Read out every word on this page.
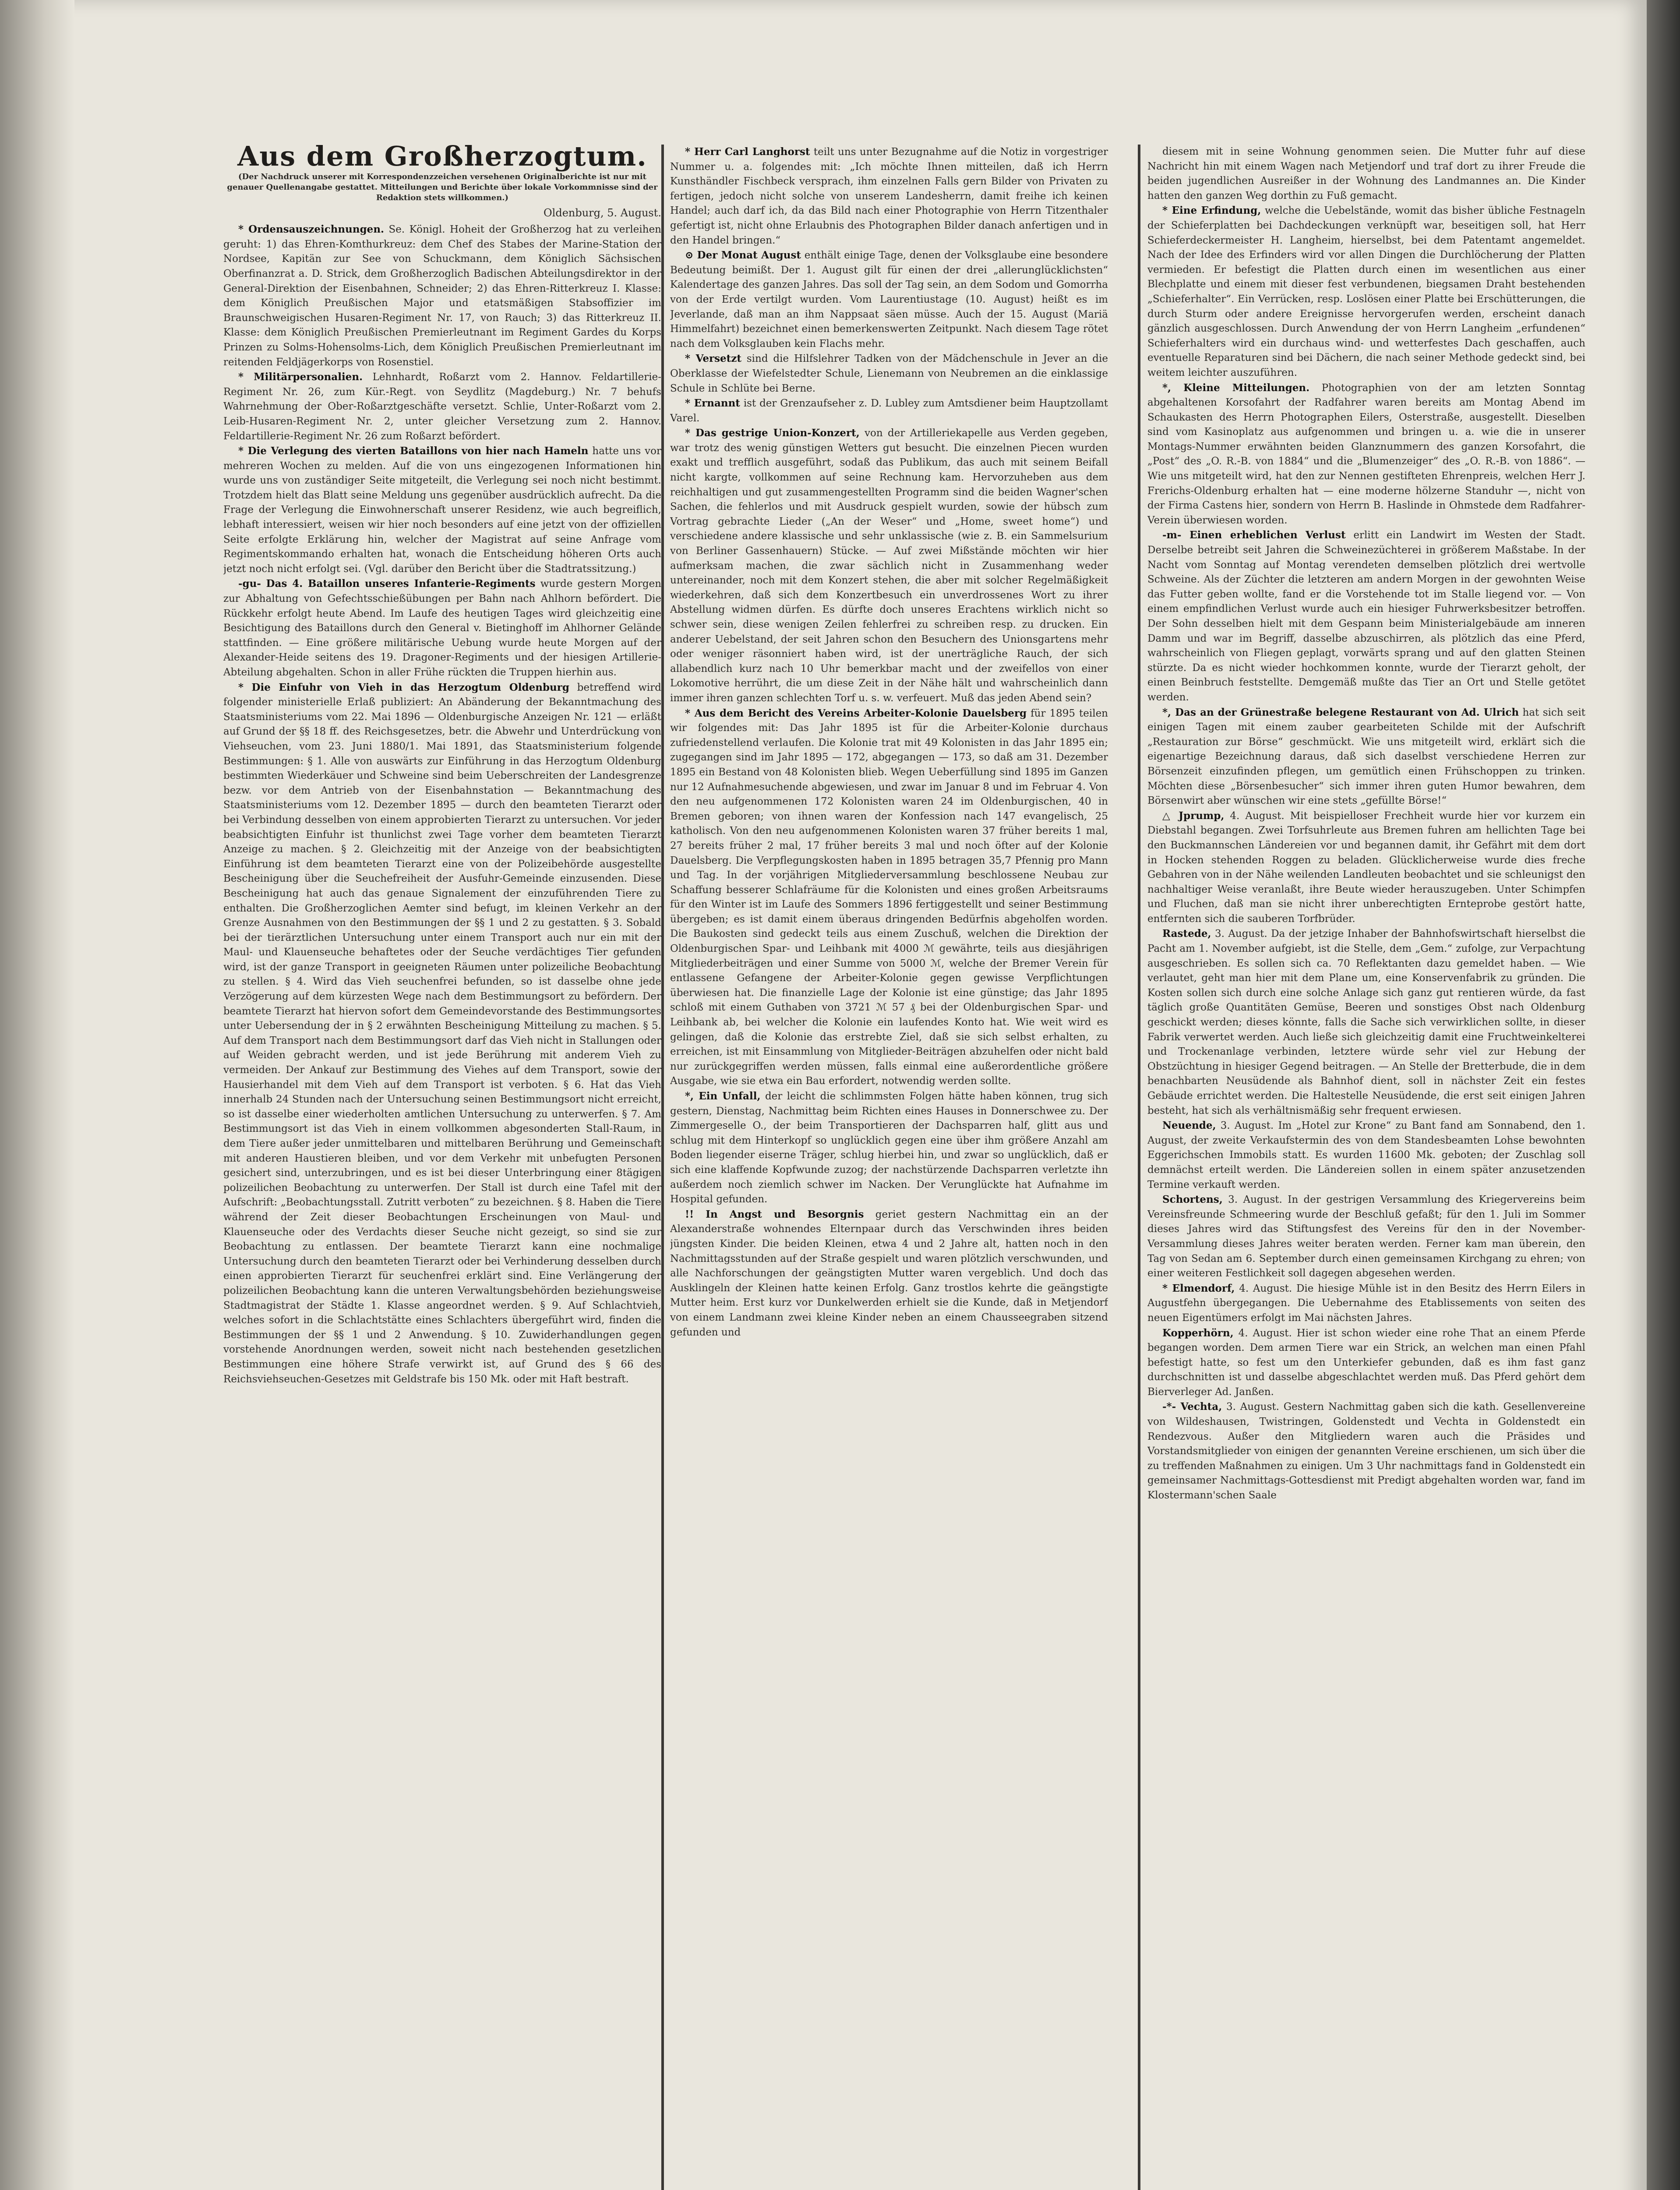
Aus dem Großherzogtum.
(Der Nachdruck unserer mit Korrespondenzzeichen versehenen Originalberichte ist nur mit genauer Quellenangabe gestattet. Mitteilungen und Berichte über lokale Vorkommnisse sind der Redaktion stets willkommen.)
Oldenburg, 5. August.

* Ordensauszeichnungen. Se. Königl. Hoheit der Großherzog hat zu verleihen geruht: 1) das Ehren-Komthurkreuz: dem Chef des Stabes der Marine-Station der Nordsee, Kapitän zur See von Schuckmann, dem Königlich Sächsischen Oberfinanzrat a. D. Strick, dem Großherzoglich Badischen Abteilungsdirektor in der General-Direktion der Eisenbahnen, Schneider; 2) das Ehren-Ritterkreuz I. Klasse: dem Königlich Preußischen Major und etatsmäßigen Stabsoffizier im Braunschweigischen Husaren-Regiment Nr. 17, von Rauch; 3) das Ritterkreuz II. Klasse: dem Königlich Preußischen Premierleutnant im Regiment Gardes du Korps Prinzen zu Solms-Hohensolms-Lich, dem Königlich Preußischen Premierleutnant im reitenden Feldjägerkorps von Rosenstiel.

* Militärpersonalien. Lehnhardt, Roßarzt vom 2. Hannov. Feldartillerie-Regiment Nr. 26, zum Kür.-Regt. von Seydlitz (Magdeburg.) Nr. 7 behufs Wahrnehmung der Ober-Roßarztgeschäfte versetzt. Schlie, Unter-Roßarzt vom 2. Leib-Husaren-Regiment Nr. 2, unter gleicher Versetzung zum 2. Hannov. Feldartillerie-Regiment Nr. 26 zum Roßarzt befördert.

* Die Verlegung des vierten Bataillons von hier nach Hameln hatte uns vor mehreren Wochen zu melden. Auf die von uns eingezogenen Informationen hin wurde uns von zuständiger Seite mitgeteilt, die Verlegung sei noch nicht bestimmt. Trotzdem hielt das Blatt seine Meldung uns gegenüber ausdrücklich aufrecht. Da die Frage der Verlegung die Einwohnerschaft unserer Residenz, wie auch begreiflich, lebhaft interessiert, weisen wir hier noch besonders auf eine jetzt von der offiziellen Seite erfolgte Erklärung hin, welcher der Magistrat auf seine Anfrage vom Regimentskommando erhalten hat, wonach die Entscheidung höheren Orts auch jetzt noch nicht erfolgt sei. (Vgl. darüber den Bericht über die Stadtratssitzung.)

-gu- Das 4. Bataillon unseres Infanterie-Regiments wurde gestern Morgen zur Abhaltung von Gefechtsschießübungen per Bahn nach Ahlhorn befördert. Die Rückkehr erfolgt heute Abend. Im Laufe des heutigen Tages wird gleichzeitig eine Besichtigung des Bataillons durch den General v. Bietinghoff im Ahlhorner Gelände stattfinden. — Eine größere militärische Uebung wurde heute Morgen auf der Alexander-Heide seitens des 19. Dragoner-Regiments und der hiesigen Artillerie-Abteilung abgehalten. Schon in aller Frühe rückten die Truppen hierhin aus.

* Die Einfuhr von Vieh in das Herzogtum Oldenburg betreffend wird folgender ministerielle Erlaß publiziert: An Abänderung der Bekanntmachung des Staatsministeriums vom 22. Mai 1896 — Oldenburgische Anzeigen Nr. 121 — erläßt auf Grund der §§ 18 ff. des Reichsgesetzes, betr. die Abwehr und Unterdrückung von Viehseuchen, vom 23. Juni 1880/1. Mai 1891, das Staatsministerium folgende Bestimmungen: § 1. Alle von auswärts zur Einführung in das Herzogtum Oldenburg bestimmten Wiederkäuer und Schweine sind beim Ueberschreiten der Landesgrenze bezw. vor dem Antrieb von der Eisenbahnstation — Bekanntmachung des Staatsministeriums vom 12. Dezember 1895 — durch den beamteten Tierarzt oder bei Verbindung desselben von einem approbierten Tierarzt zu untersuchen. Vor jeder beabsichtigten Einfuhr ist thunlichst zwei Tage vorher dem beamteten Tierarzt Anzeige zu machen. § 2. Gleichzeitig mit der Anzeige von der beabsichtigten Einführung ist dem beamteten Tierarzt eine von der Polizeibehörde ausgestellte Bescheinigung über die Seuchefreiheit der Ausfuhr-Gemeinde einzusenden. Diese Bescheinigung hat auch das genaue Signalement der einzuführenden Tiere zu enthalten. Die Großherzoglichen Aemter sind befugt, im kleinen Verkehr an der Grenze Ausnahmen von den Bestimmungen der §§ 1 und 2 zu gestatten. § 3. Sobald bei der tierärztlichen Untersuchung unter einem Transport auch nur ein mit der Maul- und Klauenseuche behaftetes oder der Seuche verdächtiges Tier gefunden wird, ist der ganze Transport in geeigneten Räumen unter polizeiliche Beobachtung zu stellen. § 4. Wird das Vieh seuchenfrei befunden, so ist dasselbe ohne jede Verzögerung auf dem kürzesten Wege nach dem Bestimmungsort zu befördern. Der beamtete Tierarzt hat hiervon sofort dem Gemeindevorstande des Bestimmungsortes unter Uebersendung der in § 2 erwähnten Bescheinigung Mitteilung zu machen. § 5. Auf dem Transport nach dem Bestimmungsort darf das Vieh nicht in Stallungen oder auf Weiden gebracht werden, und ist jede Berührung mit anderem Vieh zu vermeiden. Der Ankauf zur Bestimmung des Viehes auf dem Transport, sowie der Hausierhandel mit dem Vieh auf dem Transport ist verboten. § 6. Hat das Vieh innerhalb 24 Stunden nach der Untersuchung seinen Bestimmungsort nicht erreicht, so ist dasselbe einer wiederholten amtlichen Untersuchung zu unterwerfen. § 7. Am Bestimmungsort ist das Vieh in einem vollkommen abgesonderten Stall-Raum, in dem Tiere außer jeder unmittelbaren und mittelbaren Berührung und Gemeinschaft mit anderen Haustieren bleiben, und vor dem Verkehr mit unbefugten Personen gesichert sind, unterzubringen, und es ist bei dieser Unterbringung einer 8tägigen polizeilichen Beobachtung zu unterwerfen. Der Stall ist durch eine Tafel mit der Aufschrift: „Beobachtungsstall. Zutritt verboten“ zu bezeichnen. § 8. Haben die Tiere während der Zeit dieser Beobachtungen Erscheinungen von Maul- und Klauenseuche oder des Verdachts dieser Seuche nicht gezeigt, so sind sie zur Beobachtung zu entlassen. Der beamtete Tierarzt kann eine nochmalige Untersuchung durch den beamteten Tierarzt oder bei Verhinderung desselben durch einen approbierten Tierarzt für seuchenfrei erklärt sind. Eine Verlängerung der polizeilichen Beobachtung kann die unteren Verwaltungsbehörden beziehungsweise Stadtmagistrat der Städte 1. Klasse angeordnet werden. § 9. Auf Schlachtvieh, welches sofort in die Schlachtstätte eines Schlachters übergeführt wird, finden die Bestimmungen der §§ 1 und 2 Anwendung. § 10. Zuwiderhandlungen gegen vorstehende Anordnungen werden, soweit nicht nach bestehenden gesetzlichen Bestimmungen eine höhere Strafe verwirkt ist, auf Grund des § 66 des Reichsviehseuchen-Gesetzes mit Geldstrafe bis 150 Mk. oder mit Haft bestraft.

* Herr Carl Langhorst teilt uns unter Bezugnahme auf die Notiz in vorgestriger Nummer u. a. folgendes mit: „Ich möchte Ihnen mitteilen, daß ich Herrn Kunsthändler Fischbeck versprach, ihm einzelnen Falls gern Bilder von Privaten zu fertigen, jedoch nicht solche von unserem Landesherrn, damit freihe ich keinen Handel; auch darf ich, da das Bild nach einer Photographie von Herrn Titzenthaler gefertigt ist, nicht ohne Erlaubnis des Photographen Bilder danach anfertigen und in den Handel bringen.“

⊙ Der Monat August enthält einige Tage, denen der Volksglaube eine besondere Bedeutung beimißt. Der 1. August gilt für einen der drei „allerunglücklichsten“ Kalendertage des ganzen Jahres. Das soll der Tag sein, an dem Sodom und Gomorrha von der Erde vertilgt wurden. Vom Laurentiustage (10. August) heißt es im Jeverlande, daß man an ihm Nappsaat säen müsse. Auch der 15. August (Mariä Himmelfahrt) bezeichnet einen bemerkenswerten Zeitpunkt. Nach diesem Tage rötet nach dem Volksglauben kein Flachs mehr.

* Versetzt sind die Hilfslehrer Tadken von der Mädchenschule in Jever an die Oberklasse der Wiefelstedter Schule, Lienemann von Neubremen an die einklassige Schule in Schlüte bei Berne.

* Ernannt ist der Grenzaufseher z. D. Lubley zum Amtsdiener beim Hauptzollamt Varel.

* Das gestrige Union-Konzert, von der Artilleriekapelle aus Verden gegeben, war trotz des wenig günstigen Wetters gut besucht. Die einzelnen Piecen wurden exakt und trefflich ausgeführt, sodaß das Publikum, das auch mit seinem Beifall nicht kargte, vollkommen auf seine Rechnung kam. Hervorzuheben aus dem reichhaltigen und gut zusammengestellten Programm sind die beiden Wagner'schen Sachen, die fehlerlos und mit Ausdruck gespielt wurden, sowie der hübsch zum Vortrag gebrachte Lieder („An der Weser“ und „Home, sweet home“) und verschiedene andere klassische und sehr unklassische (wie z. B. ein Sammelsurium von Berliner Gassenhauern) Stücke. — Auf zwei Mißstände möchten wir hier aufmerksam machen, die zwar sächlich nicht in Zusammenhang weder untereinander, noch mit dem Konzert stehen, die aber mit solcher Regelmäßigkeit wiederkehren, daß sich dem Konzertbesuch ein unverdrossenes Wort zu ihrer Abstellung widmen dürfen. Es dürfte doch unseres Erachtens wirklich nicht so schwer sein, diese wenigen Zeilen fehlerfrei zu schreiben resp. zu drucken. Ein anderer Uebelstand, der seit Jahren schon den Besuchern des Unionsgartens mehr oder weniger räsonniert haben wird, ist der unerträgliche Rauch, der sich allabendlich kurz nach 10 Uhr bemerkbar macht und der zweifellos von einer Lokomotive herrührt, die um diese Zeit in der Nähe hält und wahrscheinlich dann immer ihren ganzen schlechten Torf u. s. w. verfeuert. Muß das jeden Abend sein?

* Aus dem Bericht des Vereins Arbeiter-Kolonie Dauelsberg für 1895 teilen wir folgendes mit: Das Jahr 1895 ist für die Arbeiter-Kolonie durchaus zufriedenstellend verlaufen. Die Kolonie trat mit 49 Kolonisten in das Jahr 1895 ein; zugegangen sind im Jahr 1895 — 172, abgegangen — 173, so daß am 31. Dezember 1895 ein Bestand von 48 Kolonisten blieb. Wegen Ueberfüllung sind 1895 im Ganzen nur 12 Aufnahmesuchende abgewiesen, und zwar im Januar 8 und im Februar 4. Von den neu aufgenommenen 172 Kolonisten waren 24 im Oldenburgischen, 40 in Bremen geboren; von ihnen waren der Konfession nach 147 evangelisch, 25 katholisch. Von den neu aufgenommenen Kolonisten waren 37 früher bereits 1 mal, 27 bereits früher 2 mal, 17 früher bereits 3 mal und noch öfter auf der Kolonie Dauelsberg. Die Verpflegungskosten haben in 1895 betragen 35,7 Pfennig pro Mann und Tag. In der vorjährigen Mitgliederversammlung beschlossene Neubau zur Schaffung besserer Schlafräume für die Kolonisten und eines großen Arbeitsraums für den Winter ist im Laufe des Sommers 1896 fertiggestellt und seiner Bestimmung übergeben; es ist damit einem überaus dringenden Bedürfnis abgeholfen worden. Die Baukosten sind gedeckt teils aus einem Zuschuß, welchen die Direktion der Oldenburgischen Spar- und Leihbank mit 4000 ℳ gewährte, teils aus diesjährigen Mitgliederbeiträgen und einer Summe von 5000 ℳ, welche der Bremer Verein für entlassene Gefangene der Arbeiter-Kolonie gegen gewisse Verpflichtungen überwiesen hat. Die finanzielle Lage der Kolonie ist eine günstige; das Jahr 1895 schloß mit einem Guthaben von 3721 ℳ 57 ₰ bei der Oldenburgischen Spar- und Leihbank ab, bei welcher die Kolonie ein laufendes Konto hat. Wie weit wird es gelingen, daß die Kolonie das erstrebte Ziel, daß sie sich selbst erhalten, zu erreichen, ist mit Einsammlung von Mitglieder-Beiträgen abzuhelfen oder nicht bald nur zurückgegriffen werden müssen, falls einmal eine außerordentliche größere Ausgabe, wie sie etwa ein Bau erfordert, notwendig werden sollte.

*, Ein Unfall, der leicht die schlimmsten Folgen hätte haben können, trug sich gestern, Dienstag, Nachmittag beim Richten eines Hauses in Donnerschwee zu. Der Zimmergeselle O., der beim Transportieren der Dachsparren half, glitt aus und schlug mit dem Hinterkopf so unglücklich gegen eine über ihm größere Anzahl am Boden liegender eiserne Träger, schlug hierbei hin, und zwar so unglücklich, daß er sich eine klaffende Kopfwunde zuzog; der nachstürzende Dachsparren verletzte ihn außerdem noch ziemlich schwer im Nacken. Der Verunglückte hat Aufnahme im Hospital gefunden.

!! In Angst und Besorgnis geriet gestern Nachmittag ein an der Alexanderstraße wohnendes Elternpaar durch das Verschwinden ihres beiden jüngsten Kinder. Die beiden Kleinen, etwa 4 und 2 Jahre alt, hatten noch in den Nachmittagsstunden auf der Straße gespielt und waren plötzlich verschwunden, und alle Nachforschungen der geängstigten Mutter waren vergeblich. Und doch das Ausklingeln der Kleinen hatte keinen Erfolg. Ganz trostlos kehrte die geängstigte Mutter heim. Erst kurz vor Dunkelwerden erhielt sie die Kunde, daß in Metjendorf von einem Landmann zwei kleine Kinder neben an einem Chausseegraben sitzend gefunden und

diesem mit in seine Wohnung genommen seien. Die Mutter fuhr auf diese Nachricht hin mit einem Wagen nach Metjendorf und traf dort zu ihrer Freude die beiden jugendlichen Ausreißer in der Wohnung des Landmannes an. Die Kinder hatten den ganzen Weg dorthin zu Fuß gemacht.

* Eine Erfindung, welche die Uebelstände, womit das bisher übliche Festnageln der Schieferplatten bei Dachdeckungen verknüpft war, beseitigen soll, hat Herr Schieferdeckermeister H. Langheim, hierselbst, bei dem Patentamt angemeldet. Nach der Idee des Erfinders wird vor allen Dingen die Durchlöcherung der Platten vermieden. Er befestigt die Platten durch einen im wesentlichen aus einer Blechplatte und einem mit dieser fest verbundenen, biegsamen Draht bestehenden „Schieferhalter“. Ein Verrücken, resp. Loslösen einer Platte bei Erschütterungen, die durch Sturm oder andere Ereignisse hervorgerufen werden, erscheint danach gänzlich ausgeschlossen. Durch Anwendung der von Herrn Langheim „erfundenen“ Schieferhalters wird ein durchaus wind- und wetterfestes Dach geschaffen, auch eventuelle Reparaturen sind bei Dächern, die nach seiner Methode gedeckt sind, bei weitem leichter auszuführen.

*, Kleine Mitteilungen. Photographien von der am letzten Sonntag abgehaltenen Korsofahrt der Radfahrer waren bereits am Montag Abend im Schaukasten des Herrn Photographen Eilers, Osterstraße, ausgestellt. Dieselben sind vom Kasinoplatz aus aufgenommen und bringen u. a. wie die in unserer Montags-Nummer erwähnten beiden Glanznummern des ganzen Korsofahrt, die „Post“ des „O. R.-B. von 1884“ und die „Blumenzeiger“ des „O. R.-B. von 1886“. — Wie uns mitgeteilt wird, hat den zur Nennen gestifteten Ehrenpreis, welchen Herr J. Frerichs-Oldenburg erhalten hat — eine moderne hölzerne Standuhr —, nicht von der Firma Castens hier, sondern von Herrn B. Haslinde in Ohmstede dem Radfahrer-Verein überwiesen worden.

-m- Einen erheblichen Verlust erlitt ein Landwirt im Westen der Stadt. Derselbe betreibt seit Jahren die Schweinezüchterei in größerem Maßstabe. In der Nacht vom Sonntag auf Montag verendeten demselben plötzlich drei wertvolle Schweine. Als der Züchter die letzteren am andern Morgen in der gewohnten Weise das Futter geben wollte, fand er die Vorstehende tot im Stalle liegend vor. — Von einem empfindlichen Verlust wurde auch ein hiesiger Fuhrwerksbesitzer betroffen. Der Sohn desselben hielt mit dem Gespann beim Ministerialgebäude am inneren Damm und war im Begriff, dasselbe abzuschirren, als plötzlich das eine Pferd, wahrscheinlich von Fliegen geplagt, vorwärts sprang und auf den glatten Steinen stürzte. Da es nicht wieder hochkommen konnte, wurde der Tierarzt geholt, der einen Beinbruch feststellte. Demgemäß mußte das Tier an Ort und Stelle getötet werden.

*, Das an der Grünestraße belegene Restaurant von Ad. Ulrich hat sich seit einigen Tagen mit einem zauber gearbeiteten Schilde mit der Aufschrift „Restauration zur Börse“ geschmückt. Wie uns mitgeteilt wird, erklärt sich die eigenartige Bezeichnung daraus, daß sich daselbst verschiedene Herren zur Börsenzeit einzufinden pflegen, um gemütlich einen Frühschoppen zu trinken. Möchten diese „Börsenbesucher“ sich immer ihren guten Humor bewahren, dem Börsenwirt aber wünschen wir eine stets „gefüllte Börse!“

△ Jprump, 4. August. Mit beispielloser Frechheit wurde hier vor kurzem ein Diebstahl begangen. Zwei Torfsuhrleute aus Bremen fuhren am hellichten Tage bei den Buckmannschen Ländereien vor und begannen damit, ihr Gefährt mit dem dort in Hocken stehenden Roggen zu beladen. Glücklicherweise wurde dies freche Gebahren von in der Nähe weilenden Landleuten beobachtet und sie schleunigst den nachhaltiger Weise veranlaßt, ihre Beute wieder herauszugeben. Unter Schimpfen und Fluchen, daß man sie nicht ihrer unberechtigten Ernteprobe gestört hatte, entfernten sich die sauberen Torfbrüder.

Rastede, 3. August. Da der jetzige Inhaber der Bahnhofswirtschaft hierselbst die Pacht am 1. November aufgiebt, ist die Stelle, dem „Gem.“ zufolge, zur Verpachtung ausgeschrieben. Es sollen sich ca. 70 Reflektanten dazu gemeldet haben. — Wie verlautet, geht man hier mit dem Plane um, eine Konservenfabrik zu gründen. Die Kosten sollen sich durch eine solche Anlage sich ganz gut rentieren würde, da fast täglich große Quantitäten Gemüse, Beeren und sonstiges Obst nach Oldenburg geschickt werden; dieses könnte, falls die Sache sich verwirklichen sollte, in dieser Fabrik verwertet werden. Auch ließe sich gleichzeitig damit eine Fruchtweinkelterei und Trockenanlage verbinden, letztere würde sehr viel zur Hebung der Obstzüchtung in hiesiger Gegend beitragen. — An Stelle der Bretterbude, die in dem benachbarten Neusüdende als Bahnhof dient, soll in nächster Zeit ein festes Gebäude errichtet werden. Die Haltestelle Neusüdende, die erst seit einigen Jahren besteht, hat sich als verhältnismäßig sehr frequent erwiesen.

Neuende, 3. August. Im „Hotel zur Krone“ zu Bant fand am Sonnabend, den 1. August, der zweite Verkaufstermin des von dem Standesbeamten Lohse bewohnten Eggerichschen Immobils statt. Es wurden 11600 Mk. geboten; der Zuschlag soll demnächst erteilt werden. Die Ländereien sollen in einem später anzusetzenden Termine verkauft werden.

Schortens, 3. August. In der gestrigen Versammlung des Kriegervereins beim Vereinsfreunde Schmeering wurde der Beschluß gefaßt; für den 1. Juli im Sommer dieses Jahres wird das Stiftungsfest des Vereins für den in der November-Versammlung dieses Jahres weiter beraten werden. Ferner kam man überein, den Tag von Sedan am 6. September durch einen gemeinsamen Kirchgang zu ehren; von einer weiteren Festlichkeit soll dagegen abgesehen werden.

* Elmendorf, 4. August. Die hiesige Mühle ist in den Besitz des Herrn Eilers in Augustfehn übergegangen. Die Uebernahme des Etablissements von seiten des neuen Eigentümers erfolgt im Mai nächsten Jahres.

Kopperhörn, 4. August. Hier ist schon wieder eine rohe That an einem Pferde begangen worden. Dem armen Tiere war ein Strick, an welchen man einen Pfahl befestigt hatte, so fest um den Unterkiefer gebunden, daß es ihm fast ganz durchschnitten ist und dasselbe abgeschlachtet werden muß. Das Pferd gehört dem Bierverleger Ad. Janßen.

-*- Vechta, 3. August. Gestern Nachmittag gaben sich die kath. Gesellenvereine von Wildeshausen, Twistringen, Goldenstedt und Vechta in Goldenstedt ein Rendezvous. Außer den Mitgliedern waren auch die Präsides und Vorstandsmitglieder von einigen der genannten Vereine erschienen, um sich über die zu treffenden Maßnahmen zu einigen. Um 3 Uhr nachmittags fand in Goldenstedt ein gemeinsamer Nachmittags-Gottesdienst mit Predigt abgehalten worden war, fand im Klostermann'schen Saale
